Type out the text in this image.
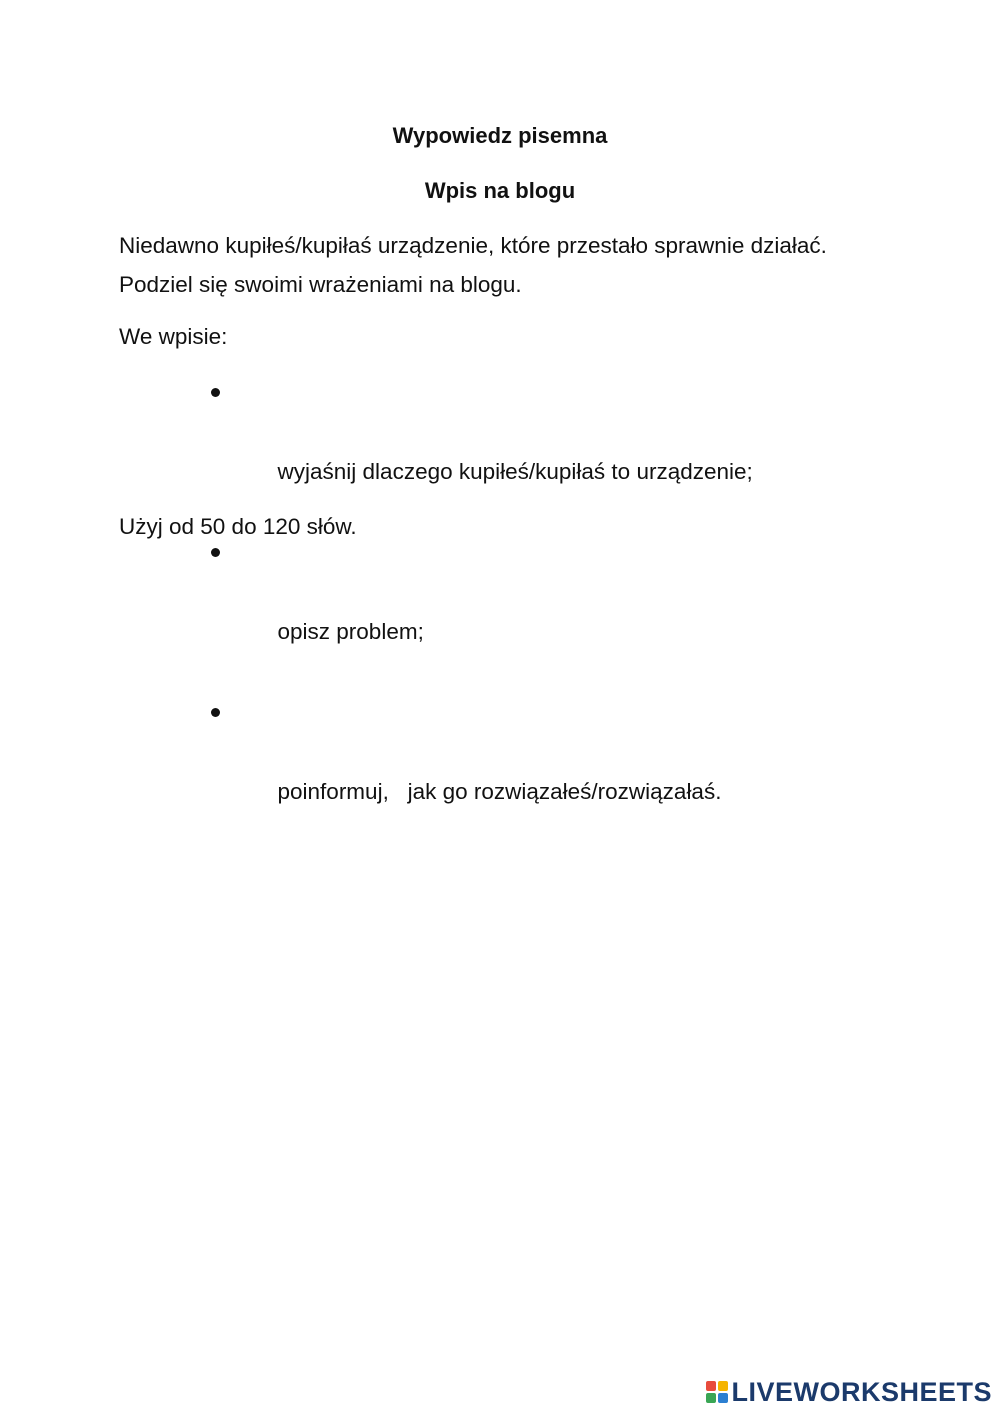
Wypowiedz pisemna
Wpis na blogu

Niedawno kupiłeś/kupiłaś urządzenie, które przestało sprawnie działać. Podziel się swoimi wrażeniami na blogu.

We wpisie:

wyjaśnij dlaczego kupiłeś/kupiłaś to urządzenie;

opisz problem;

poinformuj,   jak go rozwiązałeś/rozwiązałaś.

Użyj od 50 do 120 słów.

LIVEWORKSHEETS
